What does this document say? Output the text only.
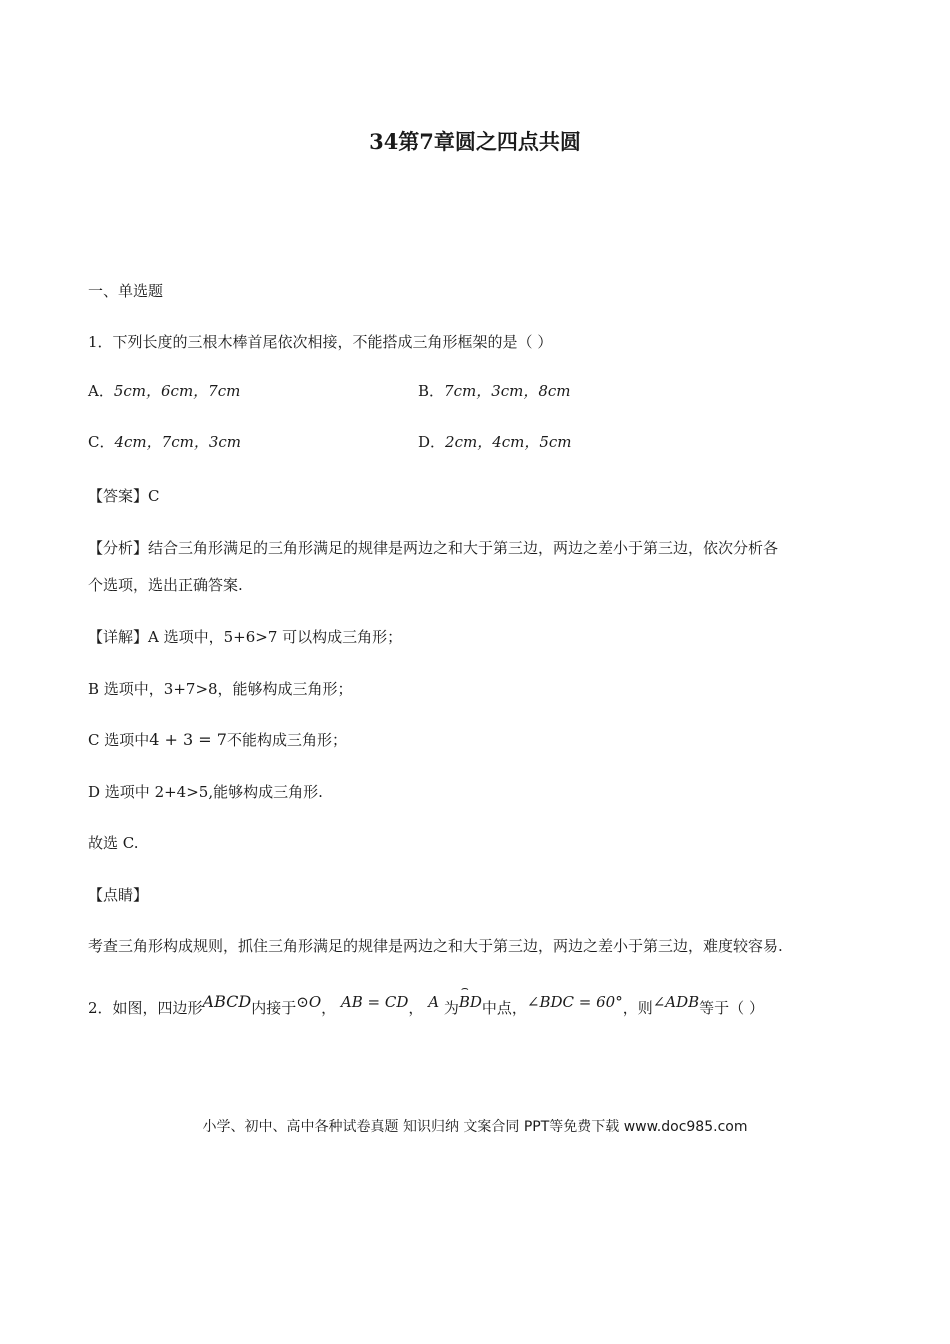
34第7章圆之四点共圆
一、单选题
1．下列长度的三根木棒首尾依次相接，不能搭成三角形框架的是（ ）
A．5cm，6cm，7cm	B．7cm，3cm，8cm
C．4cm，7cm，3cm	D．2cm，4cm，5cm
【答案】C
【分析】结合三角形满足的三角形满足的规律是两边之和大于第三边，两边之差小于第三边，依次分析各
个选项，选出正确答案.
【详解】A 选项中，5+6>7 可以构成三角形；
B 选项中，3+7>8，能够构成三角形；
C 选项中4 + 3 = 7不能构成三角形；
D 选项中 2+4>5,能够构成三角形.
故选 C.
【点睛】
考查三角形构成规则，抓住三角形满足的规律是两边之和大于第三边，两边之差小于第三边，难度较容易.
2．如图，四边形ABCD内接于⊙O， AB = CD， A 为
⌢
BD中点，∠BDC = 60°，则∠ADB等于（ ）
小学、初中、高中各种试卷真题 知识归纳 文案合同 PPT等免费下载 www.doc985.com
